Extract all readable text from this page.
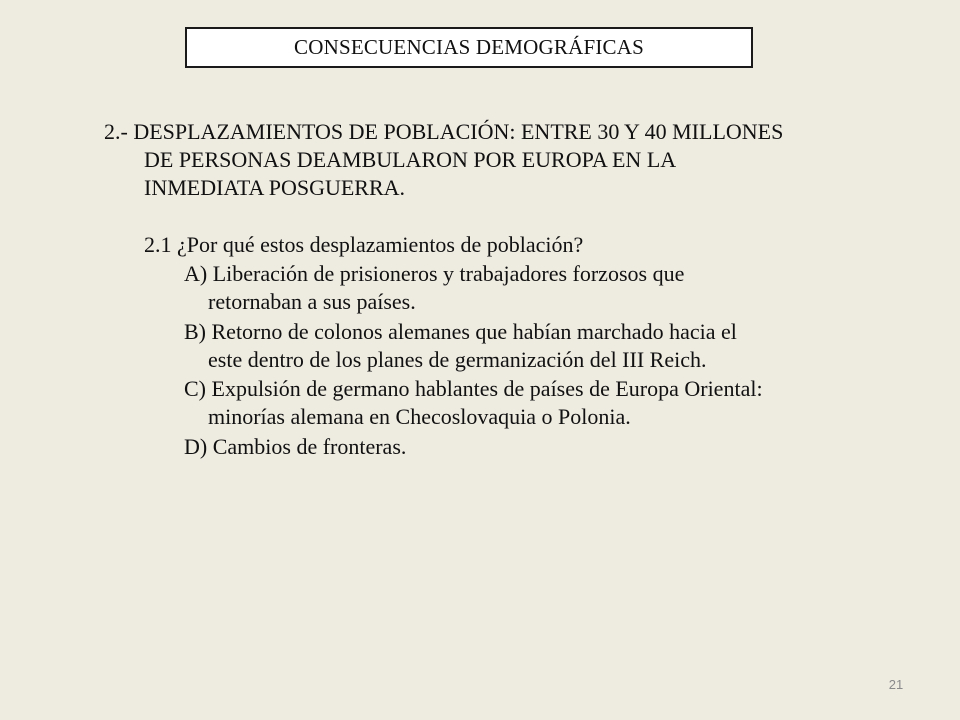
CONSECUENCIAS DEMOGRÁFICAS
2.- DESPLAZAMIENTOS DE POBLACIÓN: ENTRE 30 Y 40 MILLONES
DE PERSONAS DEAMBULARON POR EUROPA EN LA
INMEDIATA POSGUERRA.
2.1 ¿Por qué estos desplazamientos de población?
A) Liberación de prisioneros y trabajadores forzosos que
retornaban a sus países.
B) Retorno de colonos alemanes que habían marchado hacia el
este dentro de los planes de germanización del III Reich.
C) Expulsión de germano hablantes de países de Europa Oriental:
minorías alemana en Checoslovaquia o Polonia.
D) Cambios de fronteras.
21
